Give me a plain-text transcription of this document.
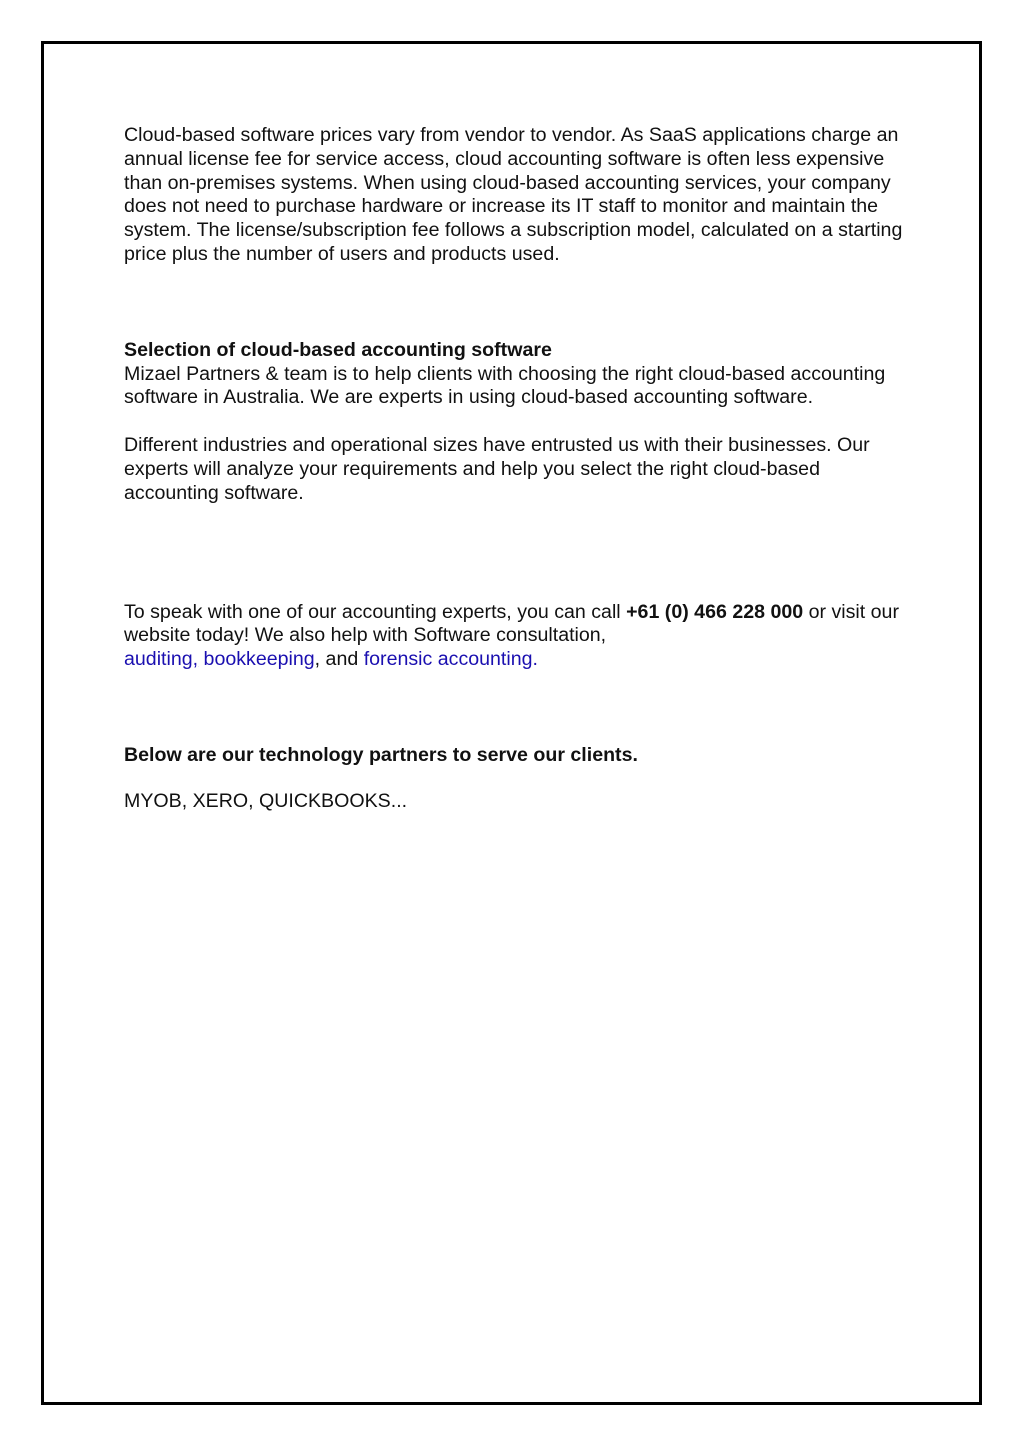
Cloud-based software prices vary from vendor to vendor. As SaaS applications charge an annual license fee for service access, cloud accounting software is often less expensive than on-premises systems. When using cloud-based accounting services, your company does not need to purchase hardware or increase its IT staff to monitor and maintain the system. The license/subscription fee follows a subscription model, calculated on a starting price plus the number of users and products used.

Selection of cloud-based accounting software

Mizael Partners & team is to help clients with choosing the right cloud-based accounting software in Australia. We are experts in using cloud-based accounting software.

Different industries and operational sizes have entrusted us with their businesses. Our experts will analyze your requirements and help you select the right cloud-based accounting software.

To speak with one of our accounting experts, you can call +61 (0) 466 228 000 or visit our website today! We also help with Software consultation,
auditing, bookkeeping, and forensic accounting.

Below are our technology partners to serve our clients.

MYOB, XERO, QUICKBOOKS...
